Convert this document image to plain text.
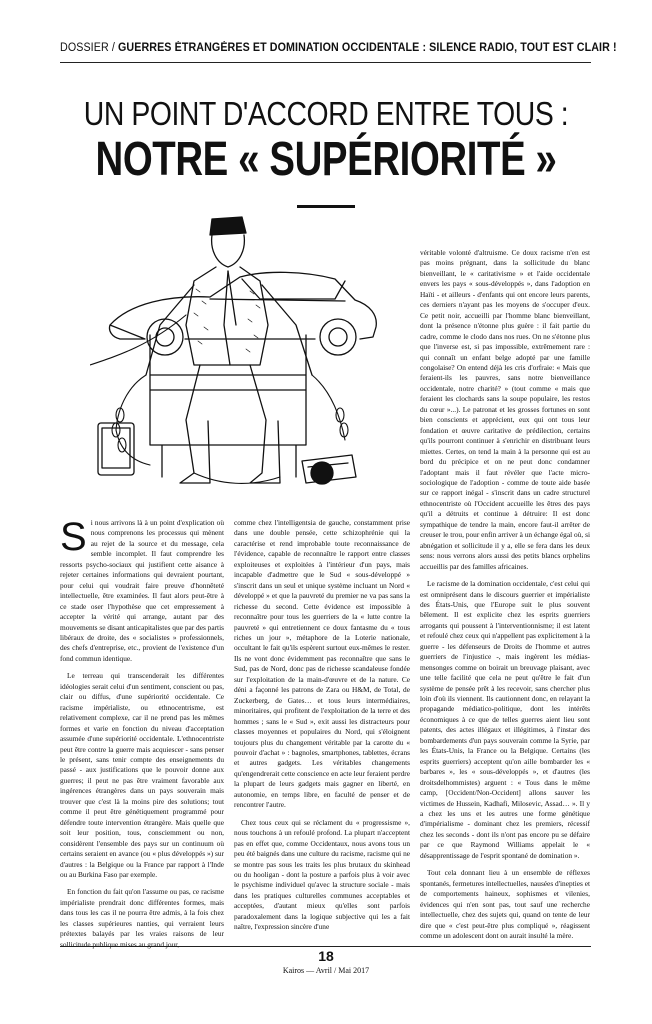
DOSSIER / GUERRES ÉTRANGÈRES ET DOMINATION OCCIDENTALE : SILENCE RADIO, TOUT EST CLAIR !
UN POINT D'ACCORD ENTRE TOUS :
NOTRE « SUPÉRIORITÉ »

Si nous arrivons là à un point d'explication où nous comprenons les processus qui mènent au rejet de la source et du message, cela semble incomplet. Il faut comprendre les ressorts psycho-sociaux qui justifient cette aisance à rejeter certaines informations qui devraient pourtant, pour celui qui voudrait faire preuve d'honnêteté intellectuelle, être examinées. Il faut alors peut-être à ce stade oser l'hypothèse que cet empressement à accepter la vérité qui arrange, autant par des mouvements se disant anticapitalistes que par des partis libéraux de droite, des « socialistes » professionnels, des chefs d'entreprise, etc., provient de l'existence d'un fond commun identique.

Le terreau qui transcenderait les différentes idéologies serait celui d'un sentiment, conscient ou pas, clair ou diffus, d'une supériorité occidentale. Ce racisme impérialiste, ou ethnocentrisme, est relativement complexe, car il ne prend pas les mêmes formes et varie en fonction du niveau d'acceptation assumée d'une supériorité occidentale. L'ethnocentriste peut être contre la guerre mais acquiescer - sans penser le présent, sans tenir compte des enseignements du passé - aux justifications que le pouvoir donne aux guerres; il peut ne pas être vraiment favorable aux ingérences étrangères dans un pays souverain mais trouver que c'est là la moins pire des solutions; tout comme il peut être génétiquement programmé pour défendre toute intervention étrangère. Mais quelle que soit leur position, tous, consciemment ou non, considèrent l'ensemble des pays sur un continuum où certains seraient en avance (ou « plus développés ») sur d'autres : la Belgique ou la France par rapport à l'Inde ou au Burkina Faso par exemple.

En fonction du fait qu'on l'assume ou pas, ce racisme impérialiste prendrait donc différentes formes, mais dans tous les cas il ne pourra être admis, à la fois chez les classes supérieures nanties, qui verraient leurs prétextes balayés par les vraies raisons de leur sollicitude publique mises au grand jour,

comme chez l'intelligentsia de gauche, constamment prise dans une double pensée, cette schizophrénie qui la caractérise et rend improbable toute reconnaissance de l'évidence, capable de reconnaître le rapport entre classes exploiteuses et exploitées à l'intérieur d'un pays, mais incapable d'admettre que le Sud « sous-développé » s'inscrit dans un seul et unique système incluant un Nord « développé » et que la pauvreté du premier ne va pas sans la richesse du second. Cette évidence est impossible à reconnaître pour tous les guerriers de la « lutte contre la pauvreté » qui entretiennent ce doux fantasme du « tous riches un jour », métaphore de la Loterie nationale, occultant le fait qu'ils espèrent surtout eux-mêmes le rester. Ils ne vont donc évidemment pas reconnaître que sans le Sud, pas de Nord, donc pas de richesse scandaleuse fondée sur l'exploitation de la main-d'œuvre et de la nature. Ce déni a façonné les patrons de Zara ou H&M, de Total, de Zuckerberg, de Gates… et tous leurs intermédiaires, minoritaires, qui profitent de l'exploitation de la terre et des hommes ; sans le « Sud », exit aussi les distracteurs pour classes moyennes et populaires du Nord, qui s'éloignent toujours plus du changement véritable par la carotte du « pouvoir d'achat » : bagnoles, smartphones, tablettes, écrans et autres gadgets. Les véritables changements qu'engendrerait cette conscience en acte leur feraient perdre la plupart de leurs gadgets mais gagner en liberté, en autonomie, en temps libre, en faculté de penser et de rencontrer l'autre.

Chez tous ceux qui se réclament du « progressisme », nous touchons à un refoulé profond. La plupart n'acceptent pas en effet que, comme Occidentaux, nous avons tous un peu été baignés dans une culture du racisme, racisme qui ne se montre pas sous les traits les plus brutaux du skinhead ou du hooligan - dont la posture a parfois plus à voir avec le psychisme individuel qu'avec la structure sociale - mais dans les pratiques culturelles communes acceptables et acceptées, d'autant mieux qu'elles sont parfois paradoxalement dans la logique subjective qui les a fait naître, l'expression sincère d'une

véritable volonté d'altruisme. Ce doux racisme n'en est pas moins prégnant, dans la sollicitude du blanc bienveillant, le « caritativisme » et l'aide occidentale envers les pays « sous-développés », dans l'adoption en Haïti - et ailleurs - d'enfants qui ont encore leurs parents, ces derniers n'ayant pas les moyens de s'occuper d'eux. Ce petit noir, accueilli par l'homme blanc bienveillant, dont la présence n'étonne plus guère : il fait partie du cadre, comme le clodo dans nos rues. On ne s'étonne plus que l'inverse est, si pas impossible, extrêmement rare : qui connaît un enfant belge adopté par une famille congolaise? On entend déjà les cris d'orfraie: « Mais que feraient-ils les pauvres, sans notre bienveillance occidentale, notre charité? » (tout comme « mais que feraient les clochards sans la soupe populaire, les restos du cœur »...). Le patronat et les grosses fortunes en sont bien conscients et apprécient, eux qui ont tous leur fondation et œuvre caritative de prédilection, certains qu'ils pourront continuer à s'enrichir en distribuant leurs miettes. Certes, on tend la main à la personne qui est au bord du précipice et on ne peut donc condamner l'adoptant mais il faut révéler que l'acte micro-sociologique de l'adoption - comme de toute aide basée sur ce rapport inégal - s'inscrit dans un cadre structurel ethnocentriste où l'Occident accueille les êtres des pays qu'il a détruits et continue à détruire: Il est donc sympathique de tendre la main, encore faut-il arrêter de creuser le trou, pour enfin arriver à un échange égal où, si abnégation et sollicitude il y a, elle se fera dans les deux sens: nous verrons alors aussi des petits blancs orphelins accueillis par des familles africaines.

Le racisme de la domination occidentale, c'est celui qui est omniprésent dans le discours guerrier et impérialiste des États-Unis, que l'Europe suit le plus souvent bêlement. Il est explicite chez les esprits guerriers arrogants qui poussent à l'interventionnisme; il est latent et refoulé chez ceux qui n'appellent pas explicitement à la guerre - les défenseurs de Droits de l'homme et autres guerriers de l'injustice -, mais ingèrent les médias-mensonges comme on boirait un breuvage plaisant, avec une telle facilité que cela ne peut qu'être le fait d'un système de pensée prêt à les recevoir, sans chercher plus loin d'où ils viennent. Ils cautionnent donc, en relayant la propagande médiatico-politique, dont les intérêts économiques à ce que de telles guerres aient lieu sont patents, des actes illégaux et illégitimes, à l'instar des bombardements d'un pays souverain comme la Syrie, par les États-Unis, la France ou la Belgique. Certains (les esprits guerriers) acceptent qu'on aille bombarder les « barbares », les « sous-développés », et d'autres (les droitsdelhommistes) arguent : « Tous dans le même camp, [Occident/Non-Occident] allons sauver les victimes de Hussein, Kadhafi, Milosevic, Assad… ». Il y a chez les uns et les autres une forme génétique d'impérialisme - dominant chez les premiers, récessif chez les seconds - dont ils n'ont pas encore pu se défaire par ce que Raymond Williams appelait le « désapprentissage de l'esprit spontané de domination ».

Tout cela donnant lieu à un ensemble de réflexes spontanés, fermetures intellectuelles, nausées d'inepties et de comportements haineux, sophismes et vilenies, évidences qui n'en sont pas, tout sauf une recherche intellectuelle, chez des sujets qui, quand on tente de leur dire que « c'est peut-être plus compliqué », réagissent comme un adolescent dont on aurait insulté la mère.

18
Kairos — Avril / Mai 2017
